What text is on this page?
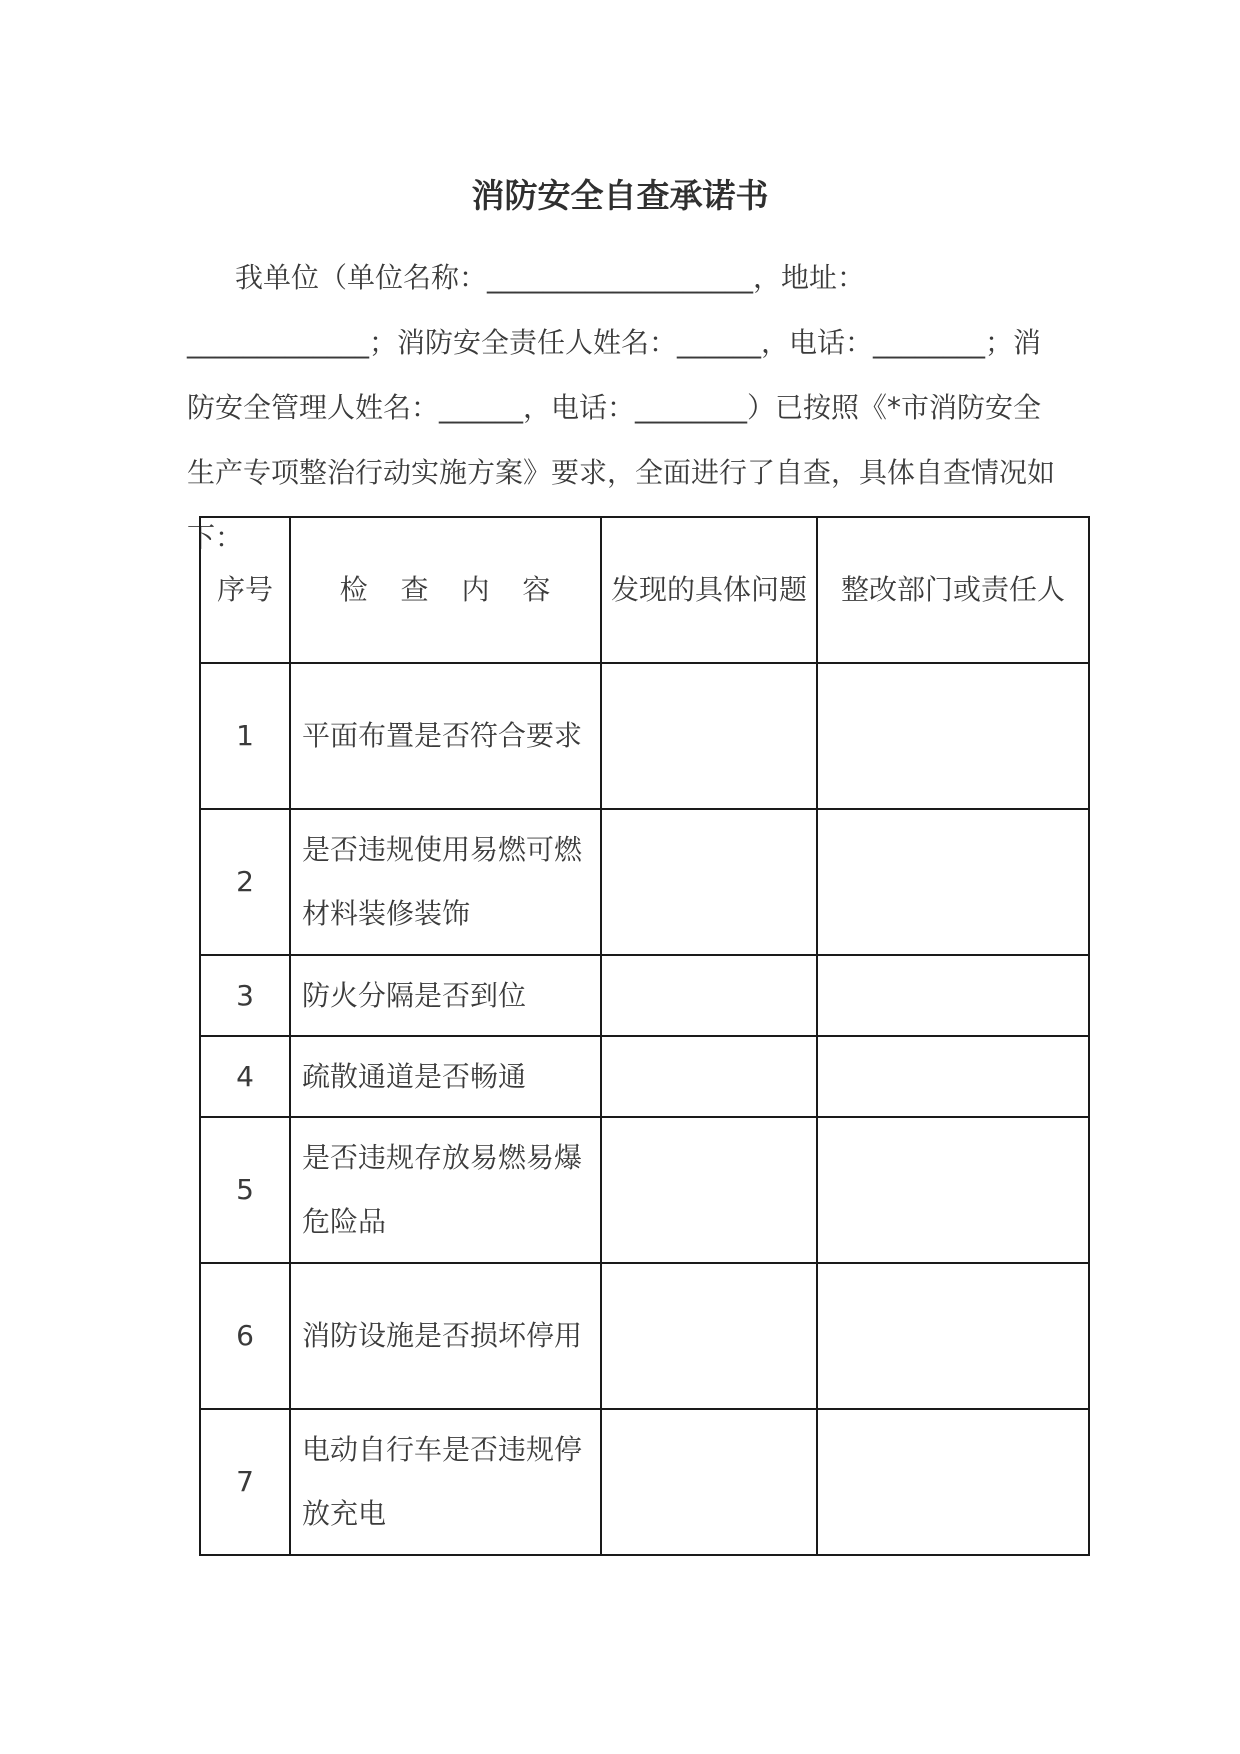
消防安全自查承诺书

我单位（单位名称：___________________，地址：_____________；消防安全责任人姓名：______，电话：________；消防安全管理人姓名：______，电话：________）已按照《*市消防安全生产专项整治行动实施方案》要求，全面进行了自查，具体自查情况如下：

序号	检 查 内 容	发现的具体问题	整改部门或责任人
1	平面布置是否符合要求		

2	是否违规使用易燃可燃材料装修装饰		

3	防火分隔是否到位		

4	疏散通道是否畅通		

5	是否违规存放易燃易爆危险品		

6	消防设施是否损坏停用		

7	电动自行车是否违规停放充电		
